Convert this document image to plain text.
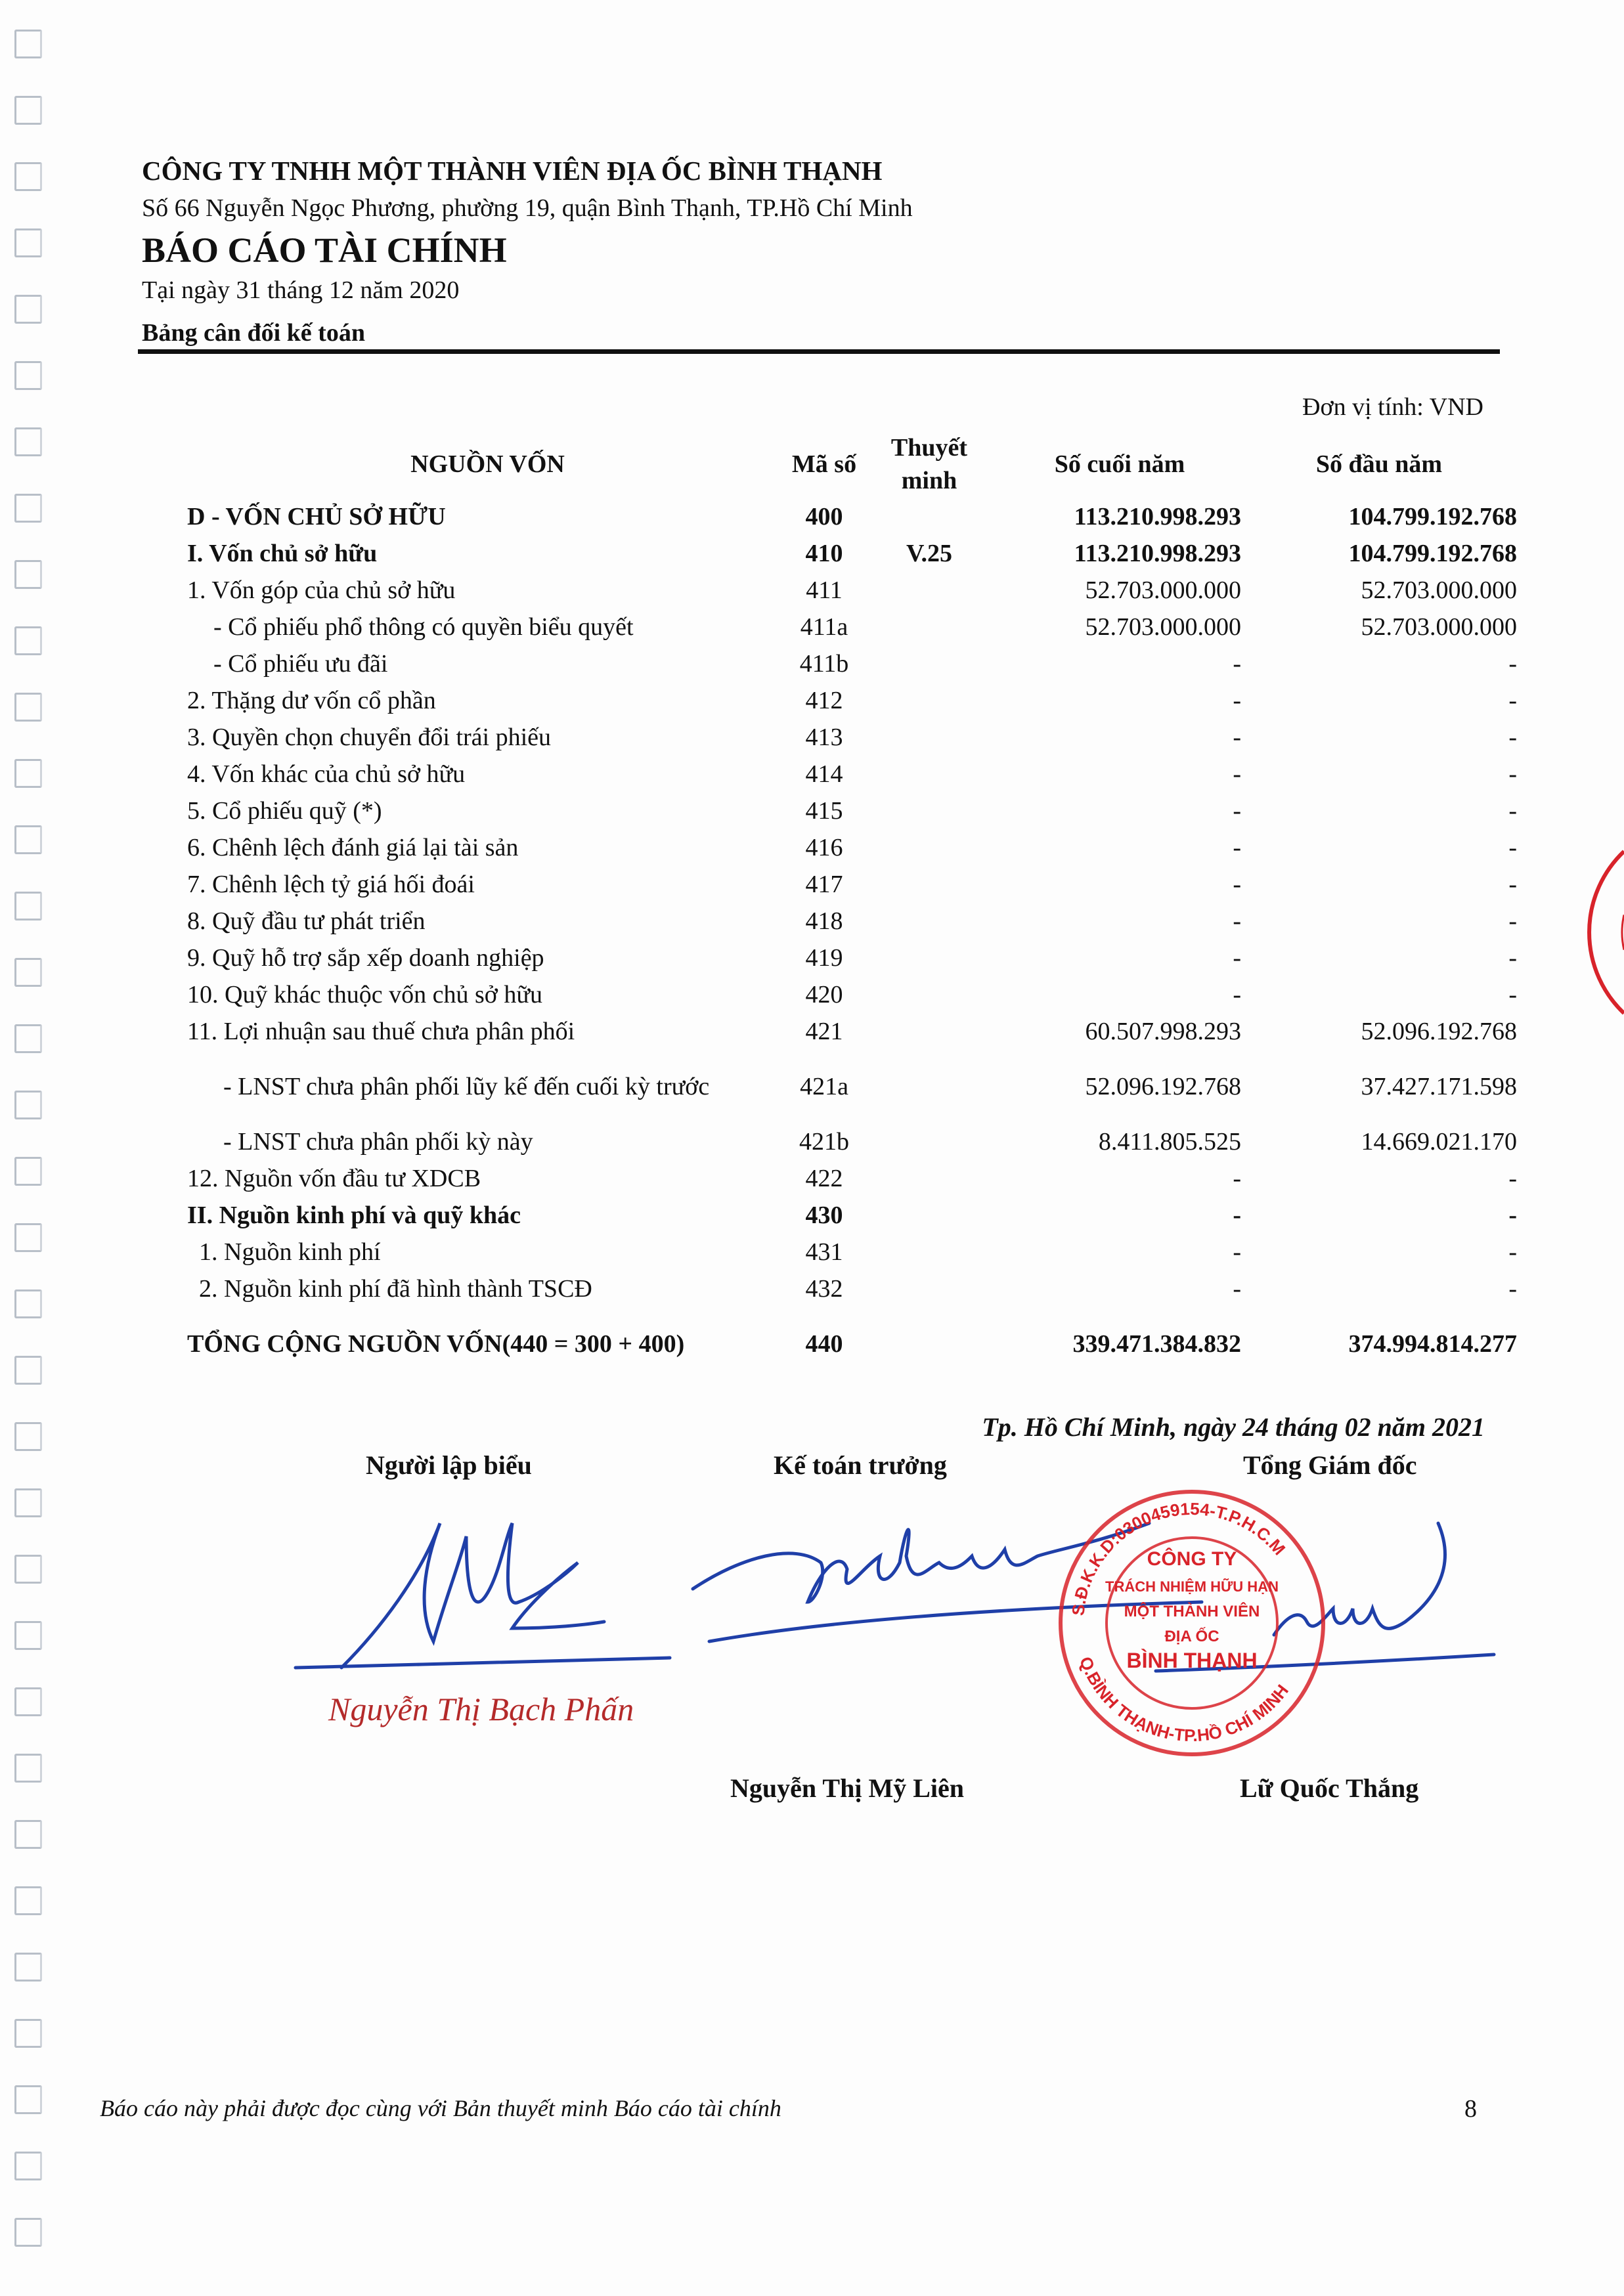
CÔNG TY TNHH MỘT THÀNH VIÊN ĐỊA ỐC BÌNH THẠNH
Số 66 Nguyễn Ngọc Phương, phường 19, quận Bình Thạnh, TP.Hồ Chí Minh
BÁO CÁO TÀI CHÍNH
Tại ngày 31 tháng 12 năm 2020
Bảng cân đối kế toán
Đơn vị tính: VND
NGUỒN VỐN	Mã số	Thuyết minh	Số cuối năm	Số đầu năm
D - VỐN CHỦ SỞ HỮU	400		113.210.998.293	104.799.192.768
I. Vốn chủ sở hữu	410	V.25	113.210.998.293	104.799.192.768
1. Vốn góp của chủ sở hữu	411		52.703.000.000	52.703.000.000
- Cổ phiếu phổ thông có quyền biểu quyết	411a		52.703.000.000	52.703.000.000
- Cổ phiếu ưu đãi	411b		-	-
2. Thặng dư vốn cổ phần	412		-	-
3. Quyền chọn chuyển đổi trái phiếu	413		-	-
4. Vốn khác của chủ sở hữu	414		-	-
5. Cổ phiếu quỹ (*)	415		-	-
6. Chênh lệch đánh giá lại tài sản	416		-	-
7. Chênh lệch tỷ giá hối đoái	417		-	-
8. Quỹ đầu tư phát triển	418		-	-
9. Quỹ hỗ trợ sắp xếp doanh nghiệp	419		-	-
10. Quỹ khác thuộc vốn chủ sở hữu	420		-	-
11. Lợi nhuận sau thuế chưa phân phối	421		60.507.998.293	52.096.192.768
- LNST chưa phân phối lũy kế đến cuối kỳ trước	421a		52.096.192.768	37.427.171.598
- LNST chưa phân phối kỳ này	421b		8.411.805.525	14.669.021.170
12. Nguồn vốn đầu tư XDCB	422		-	-
II. Nguồn kinh phí và quỹ khác	430		-	-
1. Nguồn kinh phí	431		-	-
2. Nguồn kinh phí đã hình thành TSCĐ	432		-	-
TỔNG CỘNG NGUỒN VỐN(440 = 300 + 400)	440		339.471.384.832	374.994.814.277
Tp. Hồ Chí Minh, ngày 24 tháng 02 năm 2021
Người lập biểu	Kế toán trưởng	Tổng Giám đốc
Nguyễn Thị Bạch Phấn
CÔNG TY
TRÁCH NHIỆM HỮU HẠN
MỘT THÀNH VIÊN
ĐỊA ỐC
BÌNH THẠNH
S.Đ.K.K.D:0300459154-T.P.H.C.M
Q.BÌNH THẠNH-TP.HỒ CHÍ MINH
Nguyễn Thị Mỹ Liên	Lữ Quốc Thắng
Báo cáo này phải được đọc cùng với Bản thuyết minh Báo cáo tài chính	8
